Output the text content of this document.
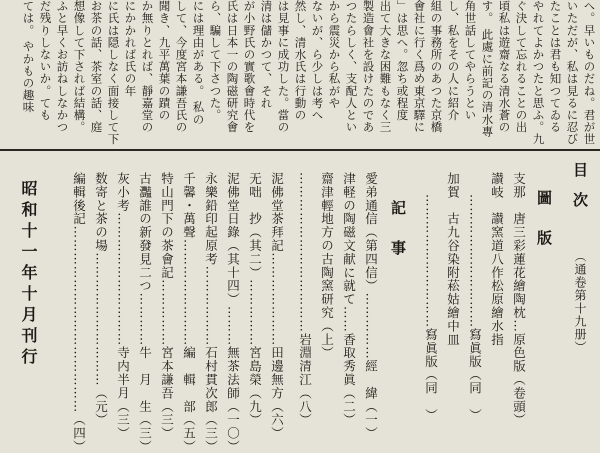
へ。早いものだね。君が世
いただが、私は見るに忍び
たことは君も知つてゐる
やれてよかつたと思ふ。九
ぐ決して忘れることの出
頃私は遊齋なる清水蒼の
す。 此處に前記の清水專
角世話してやらうとい
し、私をその人に紹介
組の事務所のあつた京橋
會社に行く爲め東京驛に
」は思へ。忽ち或程度
出て大きな困難もなく三
製造會社を設けたのであ
つたらしく、支配人とい
から震災から私がや
ないが、ら少しは考へ
然し、清水氏は行動の
は見事に成功した。當の
清は儲かつて、それ
が小野氏の實歌會時代を
氏は日本一の陶磁研究會
ら、騙して下さつた。
には理由がある。 私の
して、今度宮本謙吾氏の
聞き、九平萬葉の蹟の
か無りとれば、靜嘉堂の
にかかれば氏の年
に氏は隠しなく面接して下
お茶の話、茶室の話、庭
想像して下されば結構。
ふと早くお訪ねしなかつ
だ残りしないか。ても
ては。 やかもの趣味
目　次
（通卷第十九册）
圖　版
支那　唐三彩蓮花繪陶枕…原色版（卷頭）
讃岐　讃窯道八作松原繪水指
…………………………寫眞版（同　）
加賀　古九谷染附菘姑繪中皿
…………………………寫眞版（同　）
記　事
愛弟通信（第四信）……………經　緯（一）
津軽の陶磁文献に就て……香取秀眞（二）
齋津輕地方の古陶窯研究（上）
………………………………岩淵清江（八）
泥佛堂茶拜記…………………田邊無方（六）
无咄　抄（其二）……………宮島榮（九）
泥佛堂日錄（其十四）………無茶法師（一〇）
永樂鉛印起原考………………石村貫次郎（三）
千馨・萬聲……………………編　輯　部（五）
特山門下の茶會記……………宮本謙吾（三）
古灩誰の新發見二つ…………牛　月　生（三）
灰小考…………………………寺内半月（三）
数寄と茶の場…………………………（元）
編輯後記……………………………………（四）
昭和十一年十月刊行
